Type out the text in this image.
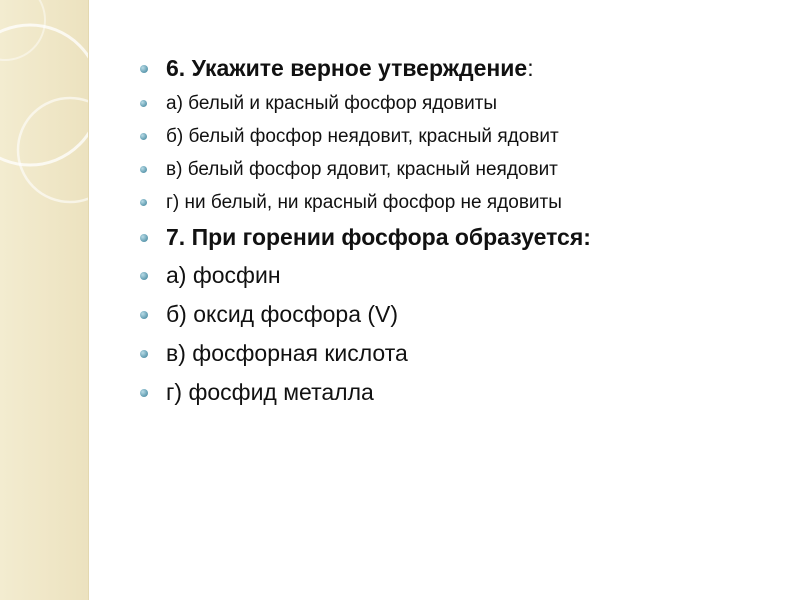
6. Укажите верное утверждение:
а) белый и красный фосфор ядовиты
б) белый фосфор неядовит, красный ядовит
в) белый фосфор ядовит, красный неядовит
г) ни белый, ни красный фосфор не ядовиты
7. При горении фосфора образуется:
а) фосфин
б) оксид фосфора (V)
в) фосфорная кислота
г) фосфид металла
